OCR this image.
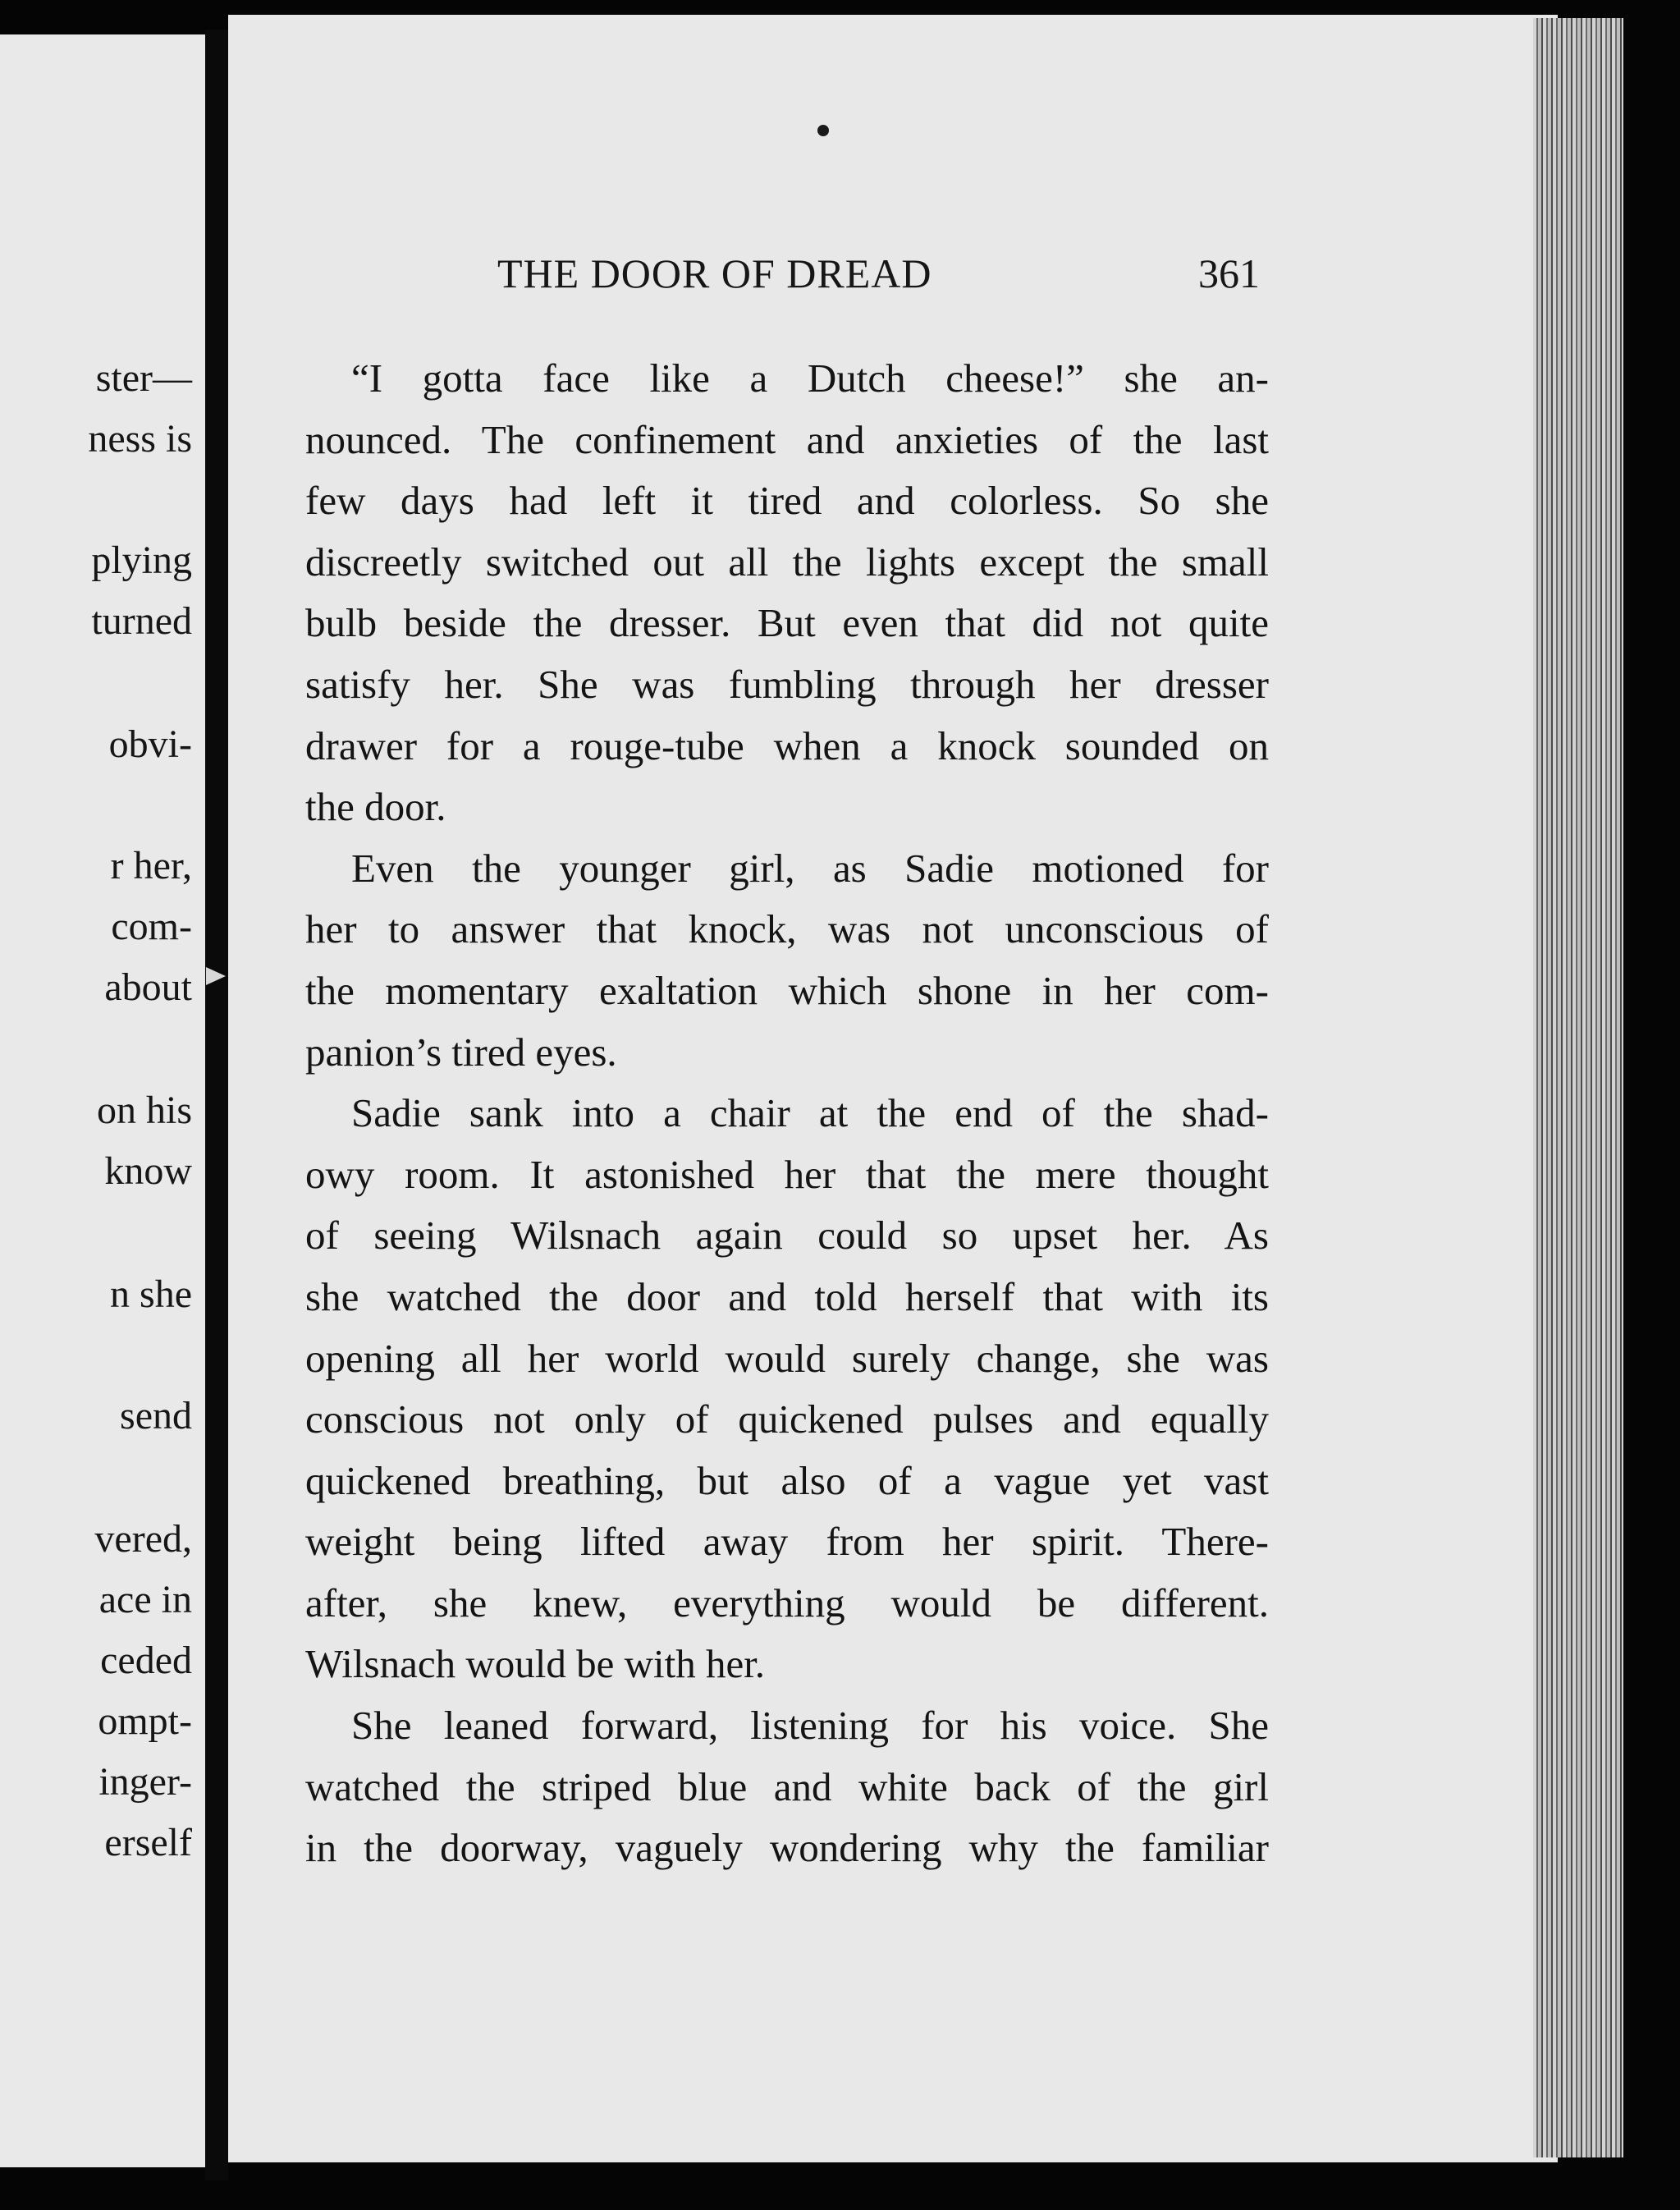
ster—
ness is
plying
turned
obvi-
r her,
com-
about
on his
know
n she
send
vered,
ace in
ceded
ompt-
inger-
erself
THE DOOR OF DREAD	361
“I gotta face like a Dutch cheese!” she an-
nounced. The confinement and anxieties of the last
few days had left it tired and colorless. So she
discreetly switched out all the lights except the small
bulb beside the dresser. But even that did not quite
satisfy her. She was fumbling through her dresser
drawer for a rouge-tube when a knock sounded on
the door.
Even the younger girl, as Sadie motioned for
her to answer that knock, was not unconscious of
the momentary exaltation which shone in her com-
panion’s tired eyes.
Sadie sank into a chair at the end of the shad-
owy room. It astonished her that the mere thought
of seeing Wilsnach again could so upset her. As
she watched the door and told herself that with its
opening all her world would surely change, she was
conscious not only of quickened pulses and equally
quickened breathing, but also of a vague yet vast
weight being lifted away from her spirit. There-
after, she knew, everything would be different.
Wilsnach would be with her.
She leaned forward, listening for his voice. She
watched the striped blue and white back of the girl
in the doorway, vaguely wondering why the familiar
